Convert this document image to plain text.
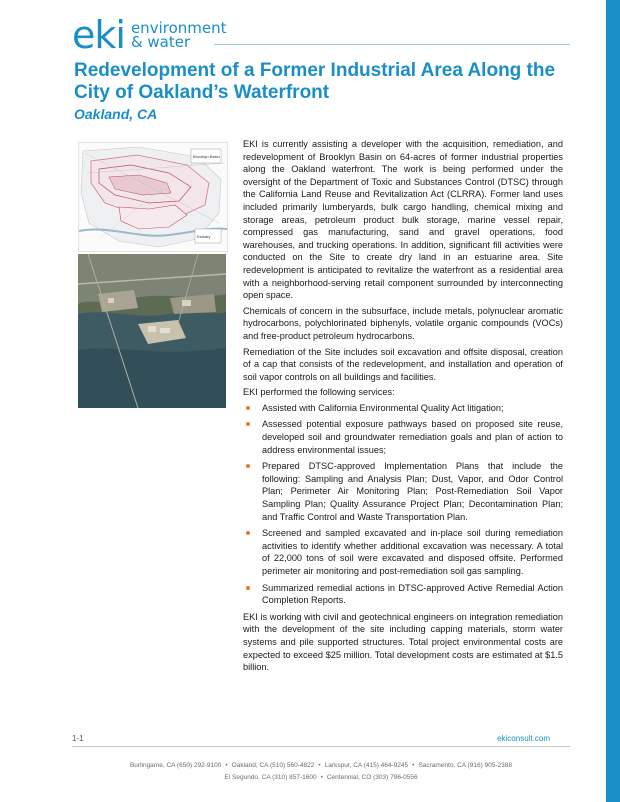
eki environment
& water
Redevelopment of a Former Industrial Area Along the City of Oakland’s Waterfront
Oakland, CA
Brooklyn Basin
Estuary

EKI is currently assisting a developer with the acquisition, remediation, and redevelopment of Brooklyn Basin on 64-acres of former industrial properties along the Oakland waterfront. The work is being performed under the oversight of the Department of Toxic and Substances Control (DTSC) through the California Land Reuse and Revitalization Act (CLRRA). Former land uses included primarily lumberyards, bulk cargo handling, chemical mixing and storage areas, petroleum product bulk storage, marine vessel repair, compressed gas manufacturing, sand and gravel operations, food warehouses, and trucking operations. In addition, significant fill activities were conducted on the Site to create dry land in an estuarine area. Site redevelopment is anticipated to revitalize the waterfront as a residential area with a neighborhood-serving retail component surrounded by interconnecting open space.

Chemicals of concern in the subsurface, include metals, polynuclear aromatic hydrocarbons, polychlorinated biphenyls, volatile organic compounds (VOCs) and free-product petroleum hydrocarbons.

Remediation of the Site includes soil excavation and offsite disposal, creation of a cap that consists of the redevelopment, and installation and operation of soil vapor controls on all buildings and facilities.

EKI performed the following services:

Assisted with California Environmental Quality Act litigation;
Assessed potential exposure pathways based on proposed site reuse, developed soil and groundwater remediation goals and plan of action to address environmental issues;
Prepared DTSC-approved Implementation Plans that include the following: Sampling and Analysis Plan; Dust, Vapor, and Odor Control Plan; Perimeter Air Monitoring Plan; Post-Remediation Soil Vapor Sampling Plan; Quality Assurance Project Plan; Decontamination Plan; and Traffic Control and Waste Transportation Plan.
Screened and sampled excavated and in-place soil during remediation activities to identify whether additional excavation was necessary. A total of 22,000 tons of soil were excavated and disposed offsite. Performed perimeter air monitoring and post-remediation soil gas sampling.
Summarized remedial actions in DTSC-approved Active Remedial Action Completion Reports.

EKI is working with civil and geotechnical engineers on integration remediation with the development of the site including capping materials, storm water systems and pile supported structures. Total project environmental costs are expected to exceed $25 million. Total development costs are estimated at $1.5 billion.

1-1	ekiconsult.com
Burlingame, CA (650) 292-9100 • Oakland, CA (510) 560-4822 • Larkspur, CA (415) 464-9245 • Sacramento, CA (916) 905-2388
El Segundo, CA (310) 857-1600 • Centennial, CO (303) 796-0556
